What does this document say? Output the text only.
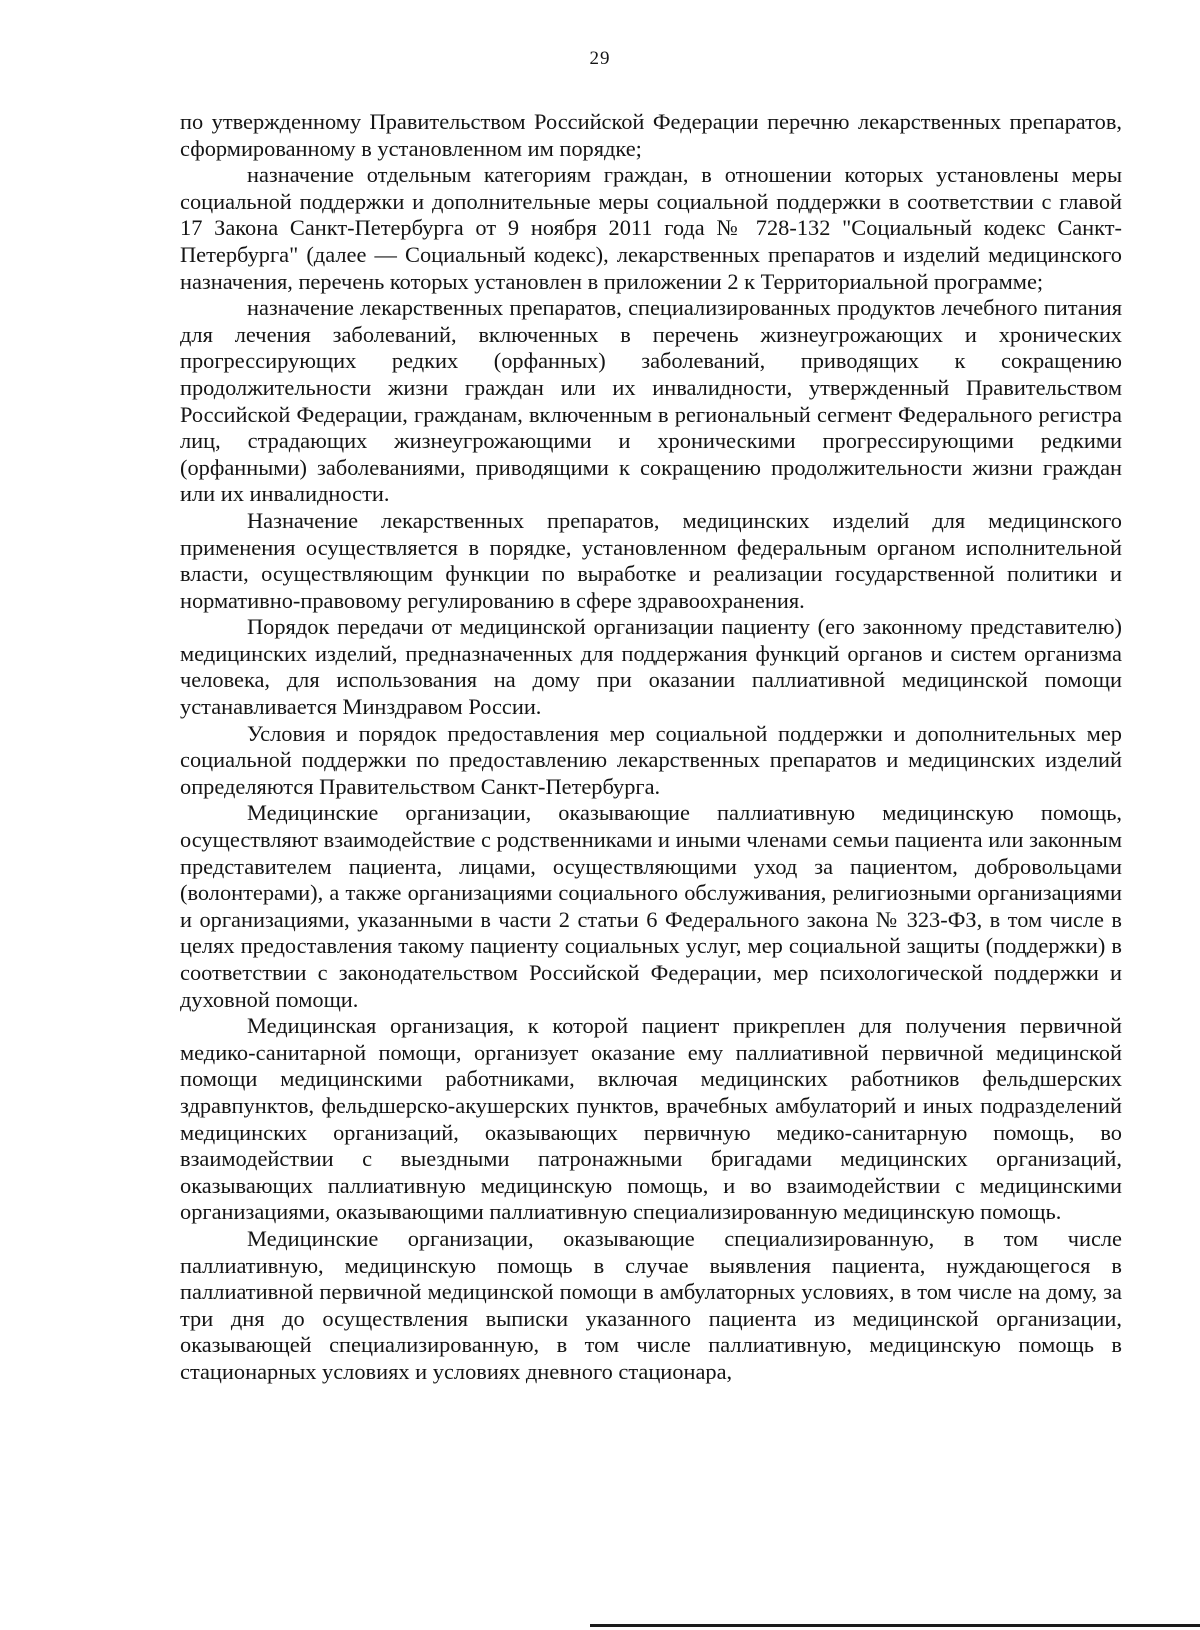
29

по утвержденному Правительством Российской Федерации перечню лекарственных препаратов, сформированному в установленном им порядке;

назначение отдельным категориям граждан, в отношении которых установлены меры социальной поддержки и дополнительные меры социальной поддержки в соответствии с главой 17 Закона Санкт-Петербурга от 9 ноября 2011 года № 728-132 "Социальный кодекс Санкт-Петербурга" (далее — Социальный кодекс), лекарственных препаратов и изделий медицинского назначения, перечень которых установлен в приложении 2 к Территориальной программе;

назначение лекарственных препаратов, специализированных продуктов лечебного питания для лечения заболеваний, включенных в перечень жизнеугрожающих и хронических прогрессирующих редких (орфанных) заболеваний, приводящих к сокращению продолжительности жизни граждан или их инвалидности, утвержденный Правительством Российской Федерации, гражданам, включенным в региональный сегмент Федерального регистра лиц, страдающих жизнеугрожающими и хроническими прогрессирующими редкими (орфанными) заболеваниями, приводящими к сокращению продолжительности жизни граждан или их инвалидности.

Назначение лекарственных препаратов, медицинских изделий для медицинского применения осуществляется в порядке, установленном федеральным органом исполнительной власти, осуществляющим функции по выработке и реализации государственной политики и нормативно-правовому регулированию в сфере здравоохранения.

Порядок передачи от медицинской организации пациенту (его законному представителю) медицинских изделий, предназначенных для поддержания функций органов и систем организма человека, для использования на дому при оказании паллиативной медицинской помощи устанавливается Минздравом России.

Условия и порядок предоставления мер социальной поддержки и дополнительных мер социальной поддержки по предоставлению лекарственных препаратов и медицинских изделий определяются Правительством Санкт-Петербурга.

Медицинские организации, оказывающие паллиативную медицинскую помощь, осуществляют взаимодействие с родственниками и иными членами семьи пациента или законным представителем пациента, лицами, осуществляющими уход за пациентом, добровольцами (волонтерами), а также организациями социального обслуживания, религиозными организациями и организациями, указанными в части 2 статьи 6 Федерального закона № 323-ФЗ, в том числе в целях предоставления такому пациенту социальных услуг, мер социальной защиты (поддержки) в соответствии с законодательством Российской Федерации, мер психологической поддержки и духовной помощи.

Медицинская организация, к которой пациент прикреплен для получения первичной медико-санитарной помощи, организует оказание ему паллиативной первичной медицинской помощи медицинскими работниками, включая медицинских работников фельдшерских здравпунктов, фельдшерско-акушерских пунктов, врачебных амбулаторий и иных подразделений медицинских организаций, оказывающих первичную медико-санитарную помощь, во взаимодействии с выездными патронажными бригадами медицинских организаций, оказывающих паллиативную медицинскую помощь, и во взаимодействии с медицинскими организациями, оказывающими паллиативную специализированную медицинскую помощь.

Медицинские организации, оказывающие специализированную, в том числе паллиативную, медицинскую помощь в случае выявления пациента, нуждающегося в паллиативной первичной медицинской помощи в амбулаторных условиях, в том числе на дому, за три дня до осуществления выписки указанного пациента из медицинской организации, оказывающей специализированную, в том числе паллиативную, медицинскую помощь в стационарных условиях и условиях дневного стационара,
